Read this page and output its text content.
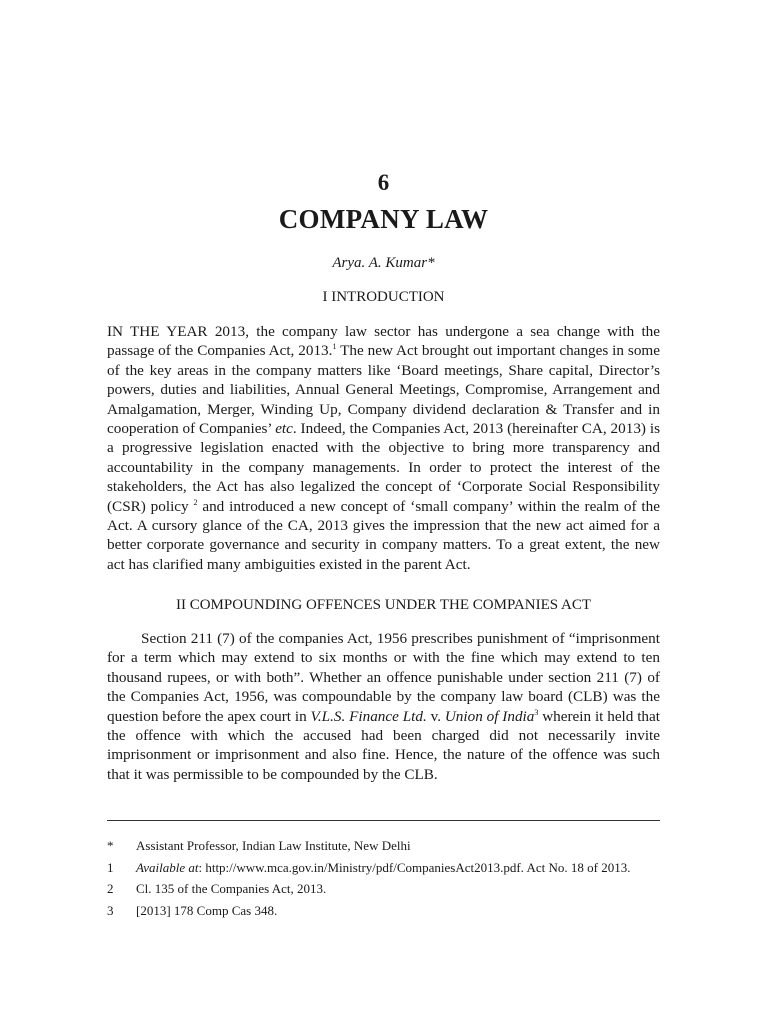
6
COMPANY LAW
Arya. A. Kumar*
I INTRODUCTION

IN THE YEAR 2013, the company law sector has undergone a sea change with the passage of the Companies Act, 2013.$^1$ The new Act brought out important changes in some of the key areas in the company matters like ‘Board meetings, Share capital, Director’s powers, duties and liabilities, Annual General Meetings, Compromise, Arrangement and Amalgamation, Merger, Winding Up, Company dividend declaration & Transfer and in cooperation of Companies’ etc. Indeed, the Companies Act, 2013 (hereinafter CA, 2013) is a progressive legislation enacted with the objective to bring more transparency and accountability in the company managements. In order to protect the interest of the stakeholders, the Act has also legalized the concept of ‘Corporate Social Responsibility (CSR) policy $^2$ and introduced a new concept of ‘small company’ within the realm of the Act. A cursory glance of the CA, 2013 gives the impression that the new act aimed for a better corporate governance and security in company matters. To a great extent, the new act has clarified many ambiguities existed in the parent Act.

II COMPOUNDING OFFENCES UNDER THE COMPANIES ACT

Section 211 (7) of the companies Act, 1956 prescribes punishment of “imprisonment for a term which may extend to six months or with the fine which may extend to ten thousand rupees, or with both”. Whether an offence punishable under section 211 (7) of the Companies Act, 1956, was compoundable by the company law board (CLB) was the question before the apex court in V.L.S. Finance Ltd. v. Union of India$^3$ wherein it held that the offence with which the accused had been charged did not necessarily invite imprisonment or imprisonment and also fine. Hence, the nature of the offence was such that it was permissible to be compounded by the CLB.

*	Assistant Professor, Indian Law Institute, New Delhi
1	Available at: http://www.mca.gov.in/Ministry/pdf/CompaniesAct2013.pdf. Act No. 18 of 2013.
2	Cl. 135 of the Companies Act, 2013.
3	[2013] 178 Comp Cas 348.
